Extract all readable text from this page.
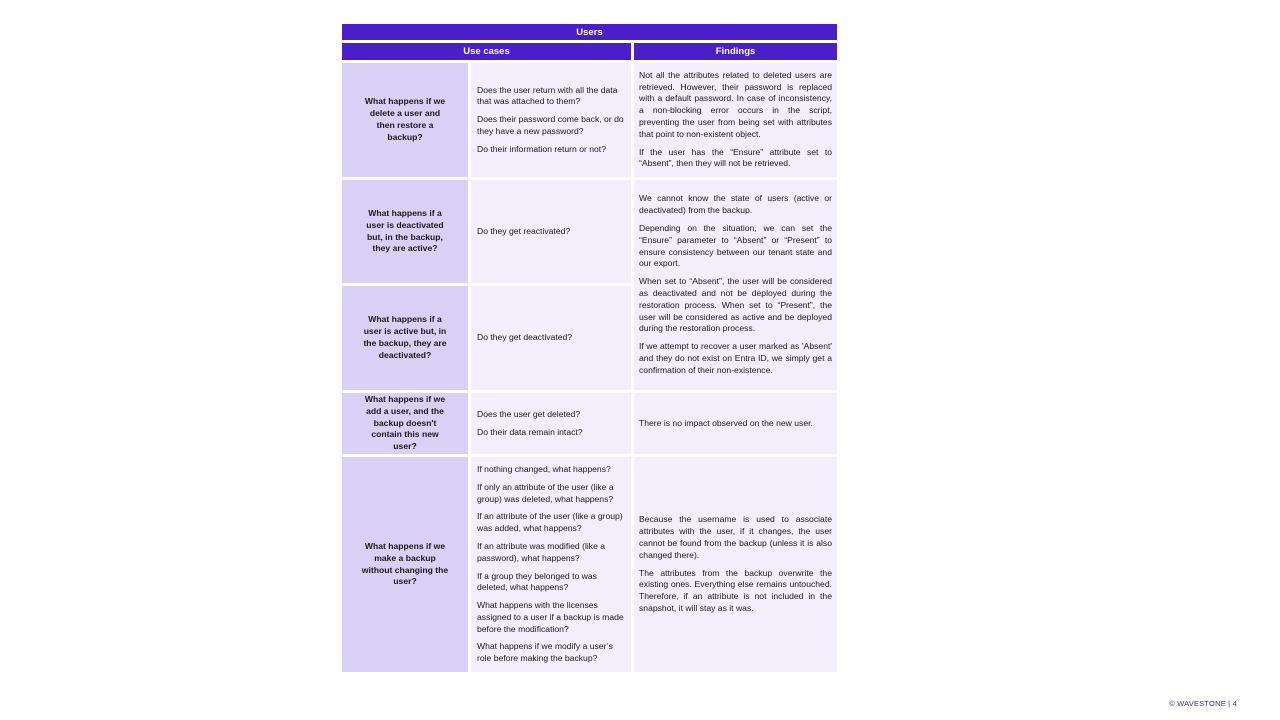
Users
Use cases	Findings
What happens if we delete a user and then restore a backup?

Does the user return with all the data that was attached to them?

Does their password come back, or do they have a new password?

Do their information return or not?

Not all the attributes related to deleted users are retrieved. However, their password is replaced with a default password. In case of inconsistency, a non-blocking error occurs in the script, preventing the user from being set with attributes that point to non-existent object.

If the user has the “Ensure” attribute set to “Absent”, then they will not be retrieved.

What happens if a user is deactivated but, in the backup, they are active?

Do they get reactivated?

What happens if a user is active but, in the backup, they are deactivated?

Do they get deactivated?

We cannot know the state of users (active or deactivated) from the backup.

Depending on the situation, we can set the “Ensure” parameter to “Absent” or “Present” to ensure consistency between our tenant state and our export.

When set to “Absent”, the user will be considered as deactivated and not be deployed during the restoration process. When set to “Present”, the user will be considered as active and be deployed during the restoration process.

If we attempt to recover a user marked as 'Absent' and they do not exist on Entra ID, we simply get a confirmation of their non-existence.

What happens if we add a user, and the backup doesn't contain this new user?

Does the user get deleted?

Do their data remain intact?

There is no impact observed on the new user.

What happens if we make a backup without changing the user?

If nothing changed, what happens?

If only an attribute of the user (like a group) was deleted, what happens?

If an attribute of the user (like a group) was added, what happens?

If an attribute was modified (like a password), what happens?

If a group they belonged to was deleted, what happens?

What happens with the licenses assigned to a user if a backup is made before the modification?

What happens if we modify a user’s role before making the backup?

Because the username is used to associate attributes with the user, if it changes, the user cannot be found from the backup (unless it is also changed there).

The attributes from the backup overwrite the existing ones. Everything else remains untouched. Therefore, if an attribute is not included in the snapshot, it will stay as it was.

© WAVESTONE | 4
